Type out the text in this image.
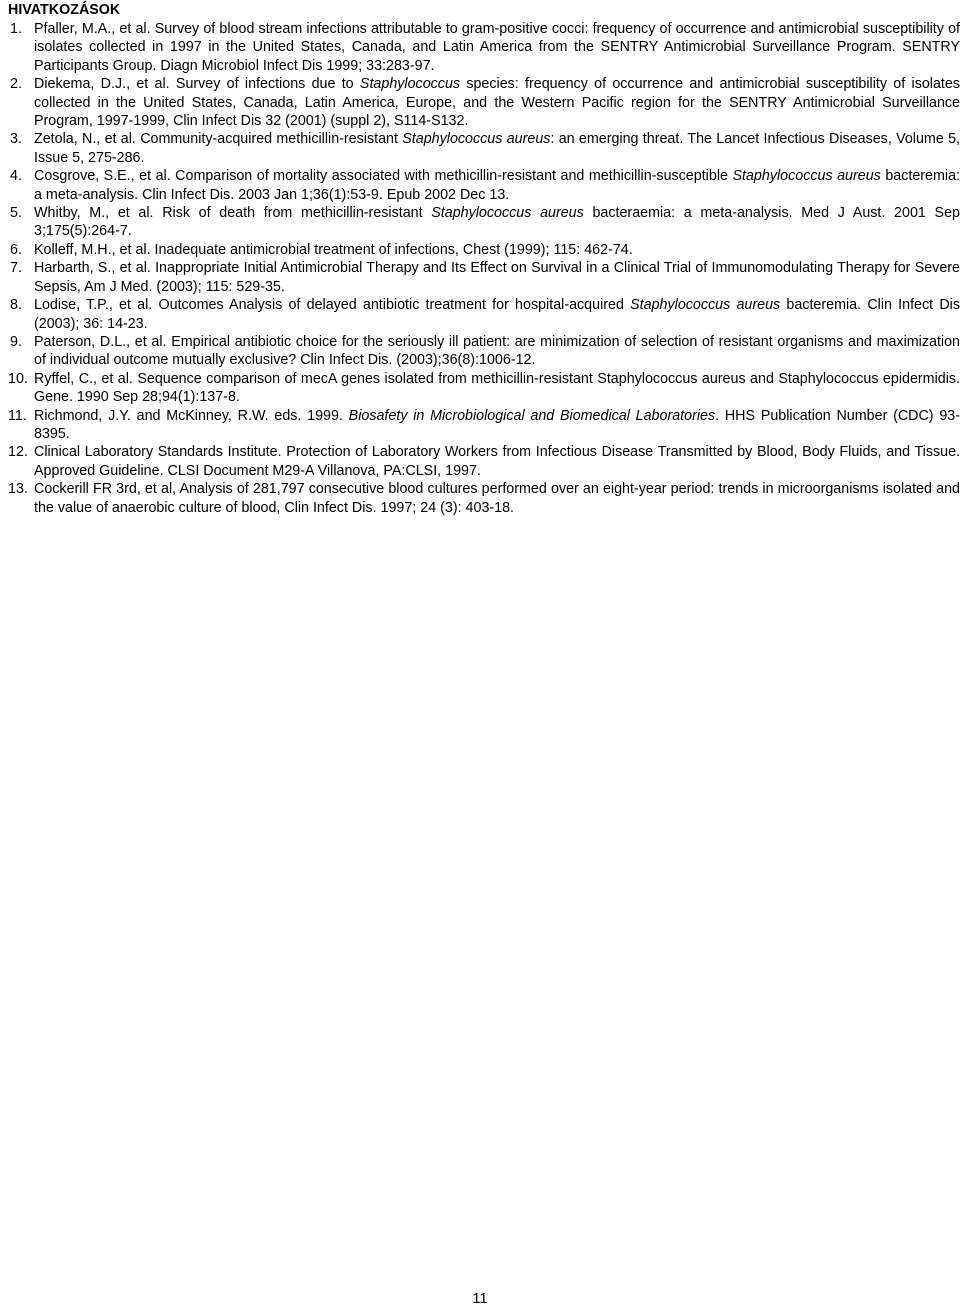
HIVATKOZÁSOK
1. Pfaller, M.A., et al. Survey of blood stream infections attributable to gram-positive cocci: frequency of occurrence and antimicrobial susceptibility of isolates collected in 1997 in the United States, Canada, and Latin America from the SENTRY Antimicrobial Surveillance Program. SENTRY Participants Group. Diagn Microbiol Infect Dis 1999; 33:283-97.
2. Diekema, D.J., et al. Survey of infections due to Staphylococcus species: frequency of occurrence and antimicrobial susceptibility of isolates collected in the United States, Canada, Latin America, Europe, and the Western Pacific region for the SENTRY Antimicrobial Surveillance Program, 1997-1999, Clin Infect Dis 32 (2001) (suppl 2), S114-S132.
3. Zetola, N., et al. Community-acquired methicillin-resistant Staphylococcus aureus: an emerging threat. The Lancet Infectious Diseases, Volume 5, Issue 5, 275-286.
4. Cosgrove, S.E., et al. Comparison of mortality associated with methicillin-resistant and methicillin-susceptible Staphylococcus aureus bacteremia: a meta-analysis. Clin Infect Dis. 2003 Jan 1;36(1):53-9. Epub 2002 Dec 13.
5. Whitby, M., et al. Risk of death from methicillin-resistant Staphylococcus aureus bacteraemia: a meta-analysis. Med J Aust. 2001 Sep 3;175(5):264-7.
6. Kolleff, M.H., et al. Inadequate antimicrobial treatment of infections, Chest (1999); 115: 462-74.
7. Harbarth, S., et al. Inappropriate Initial Antimicrobial Therapy and Its Effect on Survival in a Clinical Trial of Immunomodulating Therapy for Severe Sepsis, Am J Med. (2003); 115: 529-35.
8. Lodise, T.P., et al. Outcomes Analysis of delayed antibiotic treatment for hospital-acquired Staphylococcus aureus bacteremia. Clin Infect Dis (2003); 36: 14-23.
9. Paterson, D.L., et al. Empirical antibiotic choice for the seriously ill patient: are minimization of selection of resistant organisms and maximization of individual outcome mutually exclusive? Clin Infect Dis. (2003);36(8):1006-12.
10. Ryffel, C., et al. Sequence comparison of mecA genes isolated from methicillin-resistant Staphylococcus aureus and Staphylococcus epidermidis. Gene. 1990 Sep 28;94(1):137-8.
11. Richmond, J.Y. and McKinney, R.W. eds. 1999. Biosafety in Microbiological and Biomedical Laboratories. HHS Publication Number (CDC) 93-8395.
12. Clinical Laboratory Standards Institute. Protection of Laboratory Workers from Infectious Disease Transmitted by Blood, Body Fluids, and Tissue. Approved Guideline. CLSI Document M29-A Villanova, PA:CLSI, 1997.
13. Cockerill FR 3rd, et al, Analysis of 281,797 consecutive blood cultures performed over an eight-year period: trends in microorganisms isolated and the value of anaerobic culture of blood, Clin Infect Dis. 1997; 24 (3): 403-18.
11
